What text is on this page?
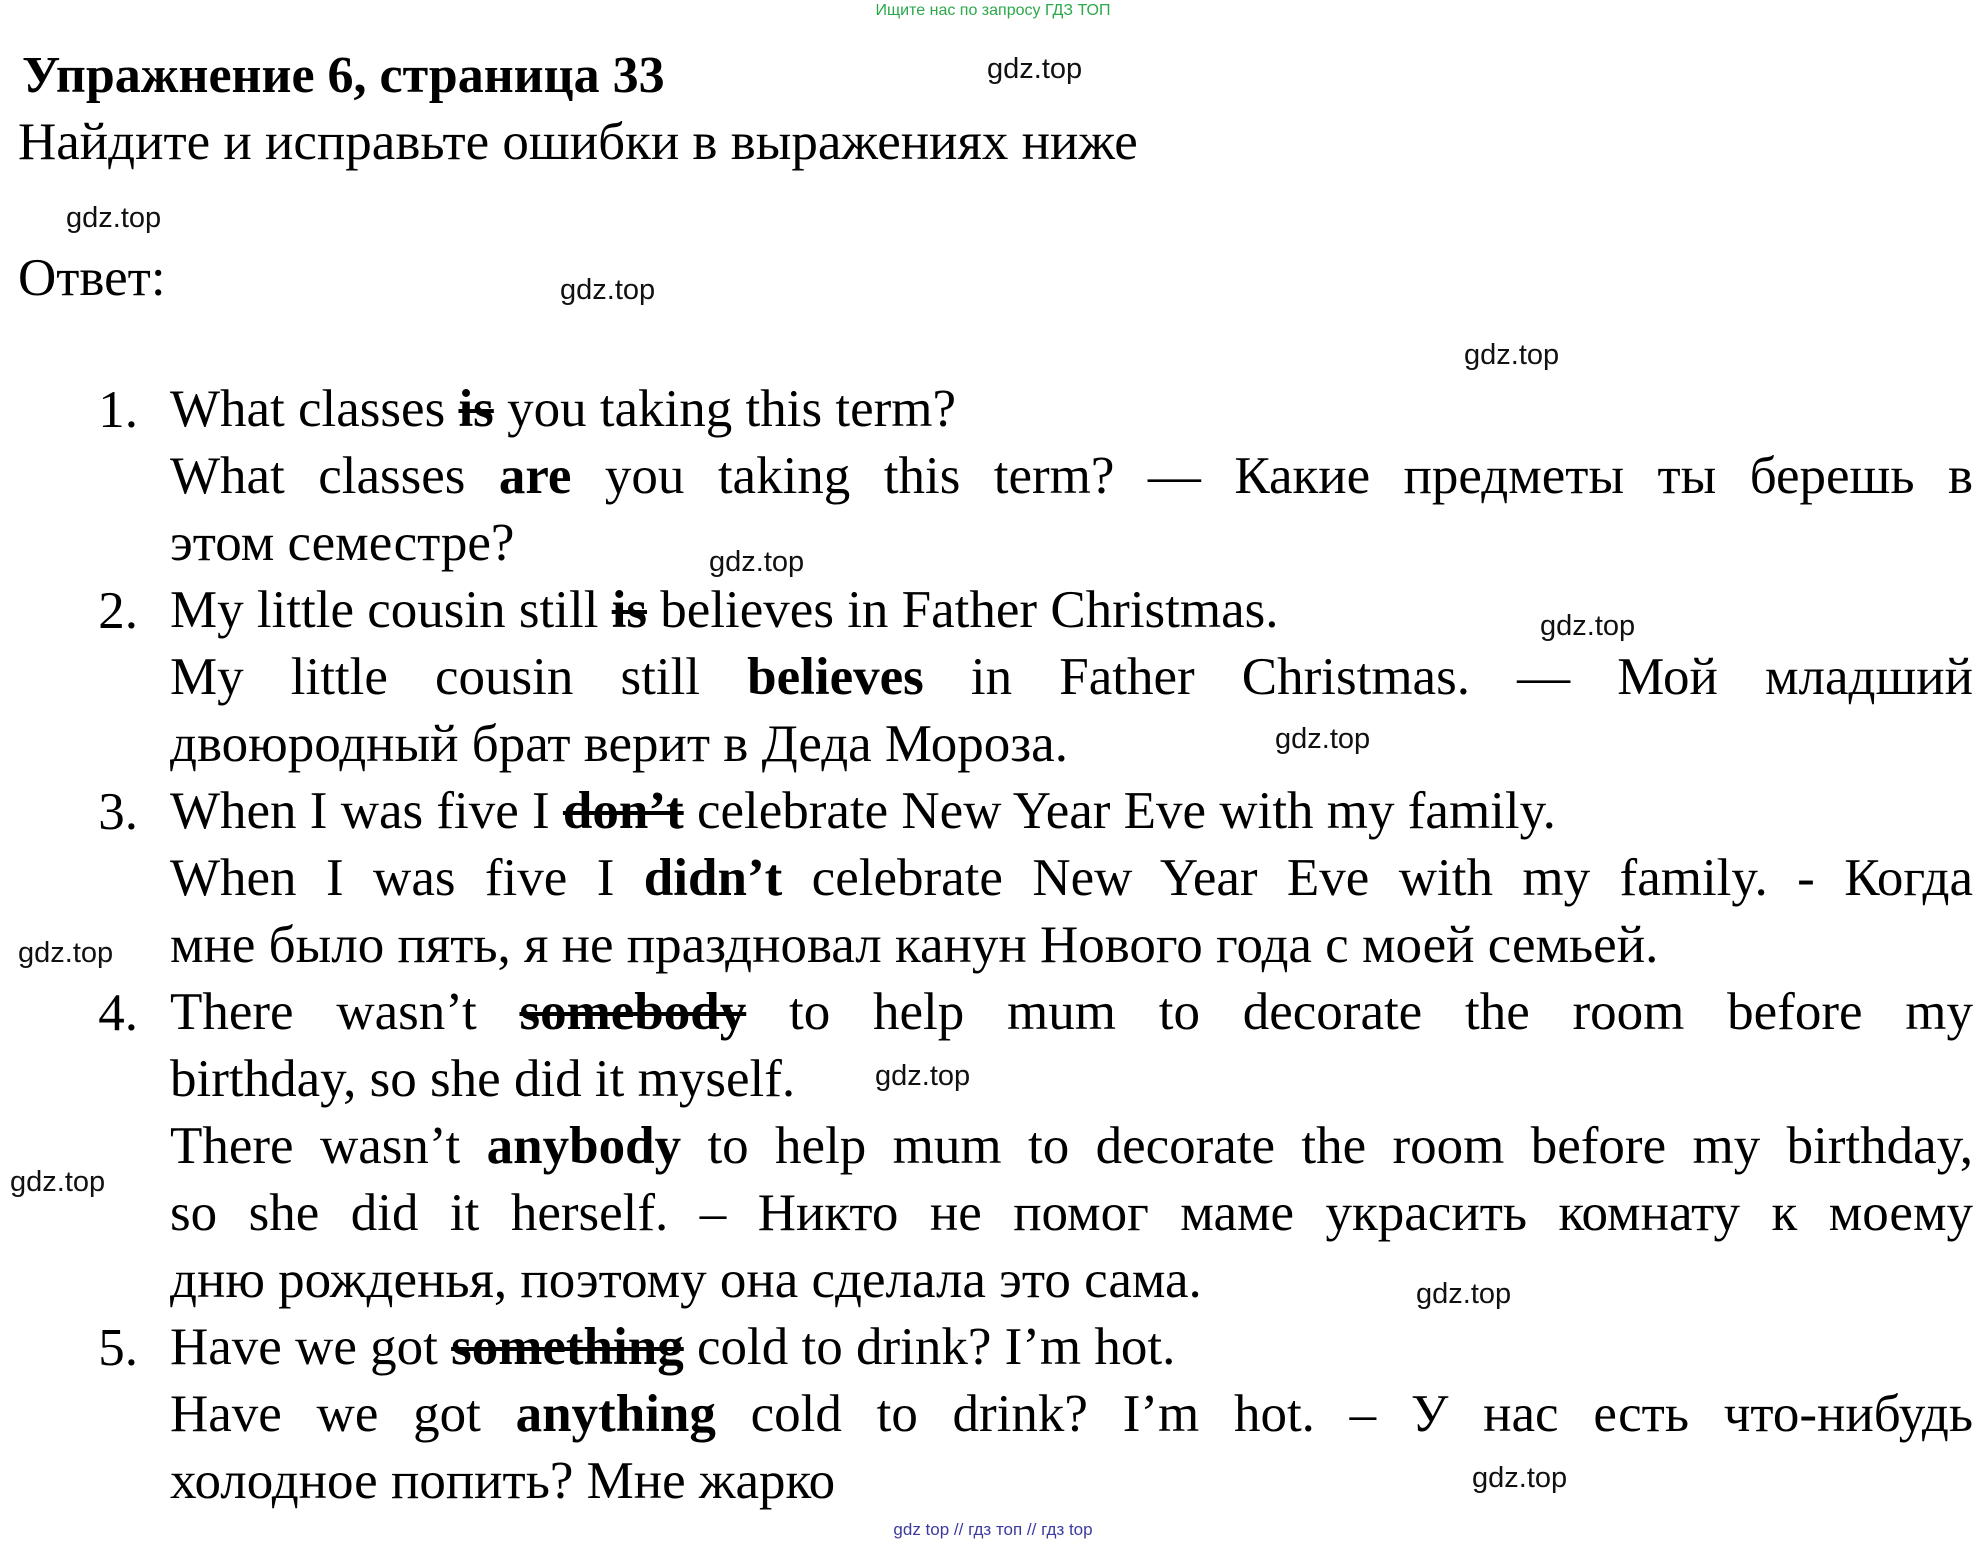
Ищите нас по запросу ГДЗ ТОП
Упражнение 6, страница 33
Найдите и исправьте ошибки в выражениях ниже
Ответ:
gdz.top
gdz.top
gdz.top
gdz.top
gdz.top
gdz.top
gdz.top
gdz.top
gdz.top
gdz.top
gdz.top
gdz.top
1. What classes is you taking this term?
What classes are you taking this term? — Какие предметы ты берешь в
этом семестре?
2. My little cousin still is believes in Father Christmas.
My little cousin still believes in Father Christmas. — Мой младший
двоюродный брат верит в Деда Мороза.
3. When I was five I don’t celebrate New Year Eve with my family.
When I was five I didn’t celebrate New Year Eve with my family. - Когда
мне было пять, я не праздновал канун Нового года с моей семьей.
4. There wasn’t somebody to help mum to decorate the room before my
birthday, so she did it myself.
There wasn’t anybody to help mum to decorate the room before my birthday,
so she did it herself. – Никто не помог маме украсить комнату к моему
дню рожденья, поэтому она сделала это сама.
5. Have we got something cold to drink? I’m hot.
Have we got anything cold to drink? I’m hot. – У нас есть что-нибудь
холодное попить? Мне жарко
gdz top // гдз топ // гдз top
